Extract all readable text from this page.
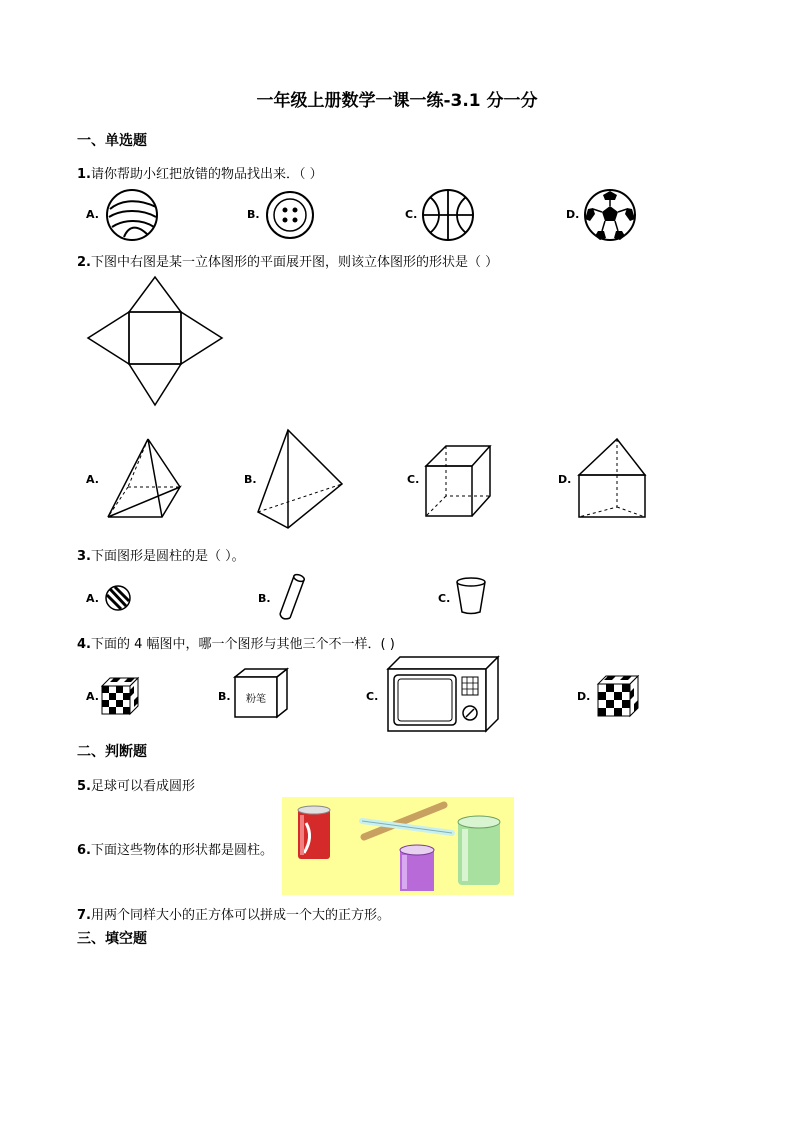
一年级上册数学一课一练-3.1 分一分
一、单选题
1.请你帮助小红把放错的物品找出来．（ ）
A.	B.	C.	D.
2.下图中右图是某一立体图形的平面展开图，则该立体图形的形状是（ ）
A.	B.	C.	D.
3.下面图形是圆柱的是（ ）。
A.	B.	C.
4.下面的 4 幅图中，哪一个图形与其他三个不一样．( )
A.	B.	粉笔	C.	D.
二、判断题
5.足球可以看成圆形
6.下面这些物体的形状都是圆柱。
7.用两个同样大小的正方体可以拼成一个大的正方形。
三、填空题
